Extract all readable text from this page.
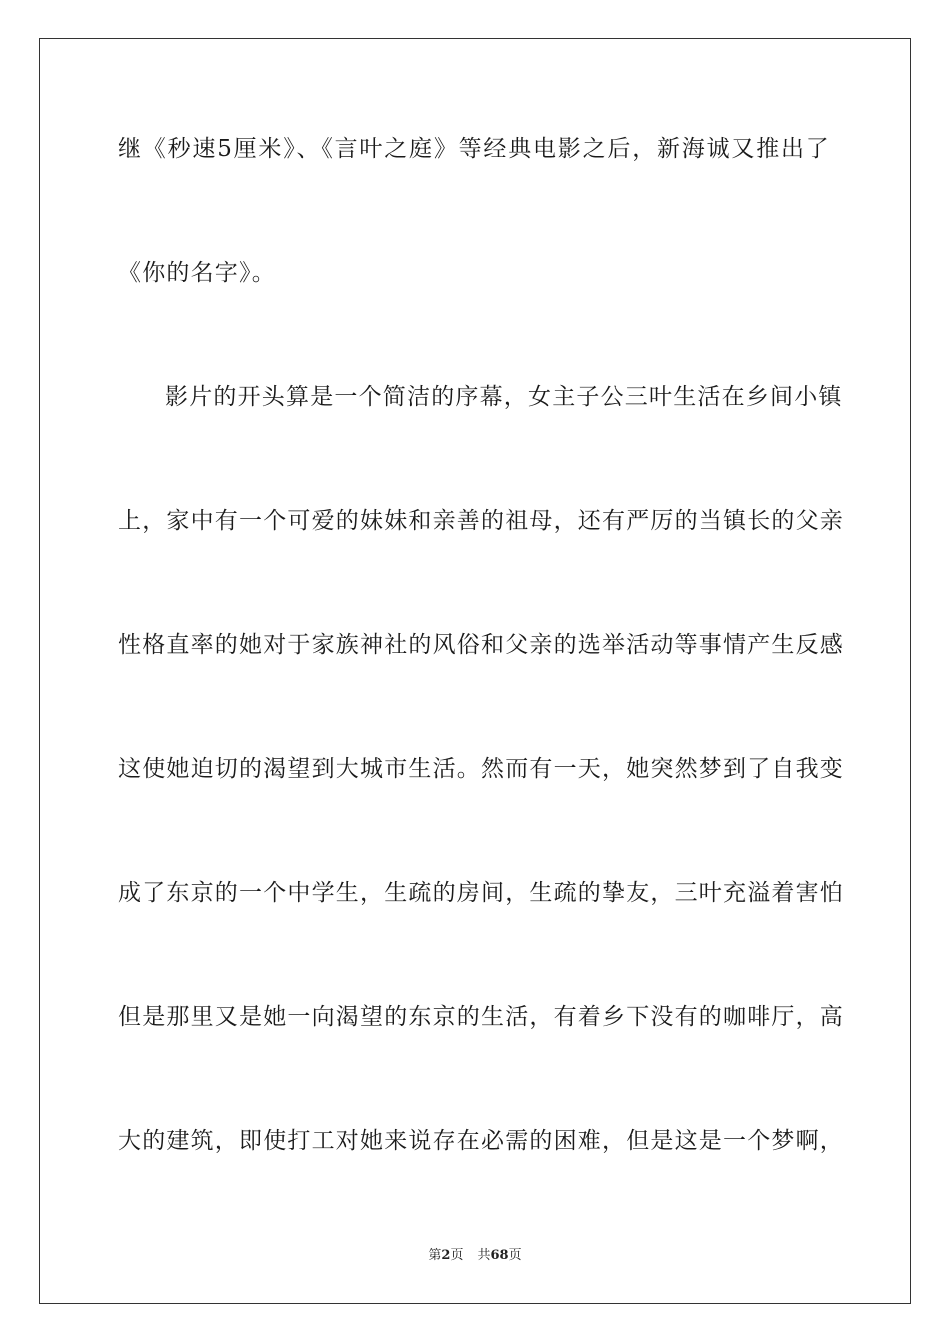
继《秒速5厘米》、《言叶之庭》等经典电影之后，新海诚又推出了
《你的名字》。
影片的开头算是一个简洁的序幕，女主子公三叶生活在乡间小镇
上，家中有一个可爱的妹妹和亲善的祖母，还有严厉的当镇长的父亲
性格直率的她对于家族神社的风俗和父亲的选举活动等事情产生反感
这使她迫切的渴望到大城市生活。然而有一天，她突然梦到了自我变
成了东京的一个中学生，生疏的房间，生疏的挚友，三叶充溢着害怕
但是那里又是她一向渴望的东京的生活，有着乡下没有的咖啡厅，高
大的建筑，即使打工对她来说存在必需的困难，但是这是一个梦啊，
第2页 共68页
